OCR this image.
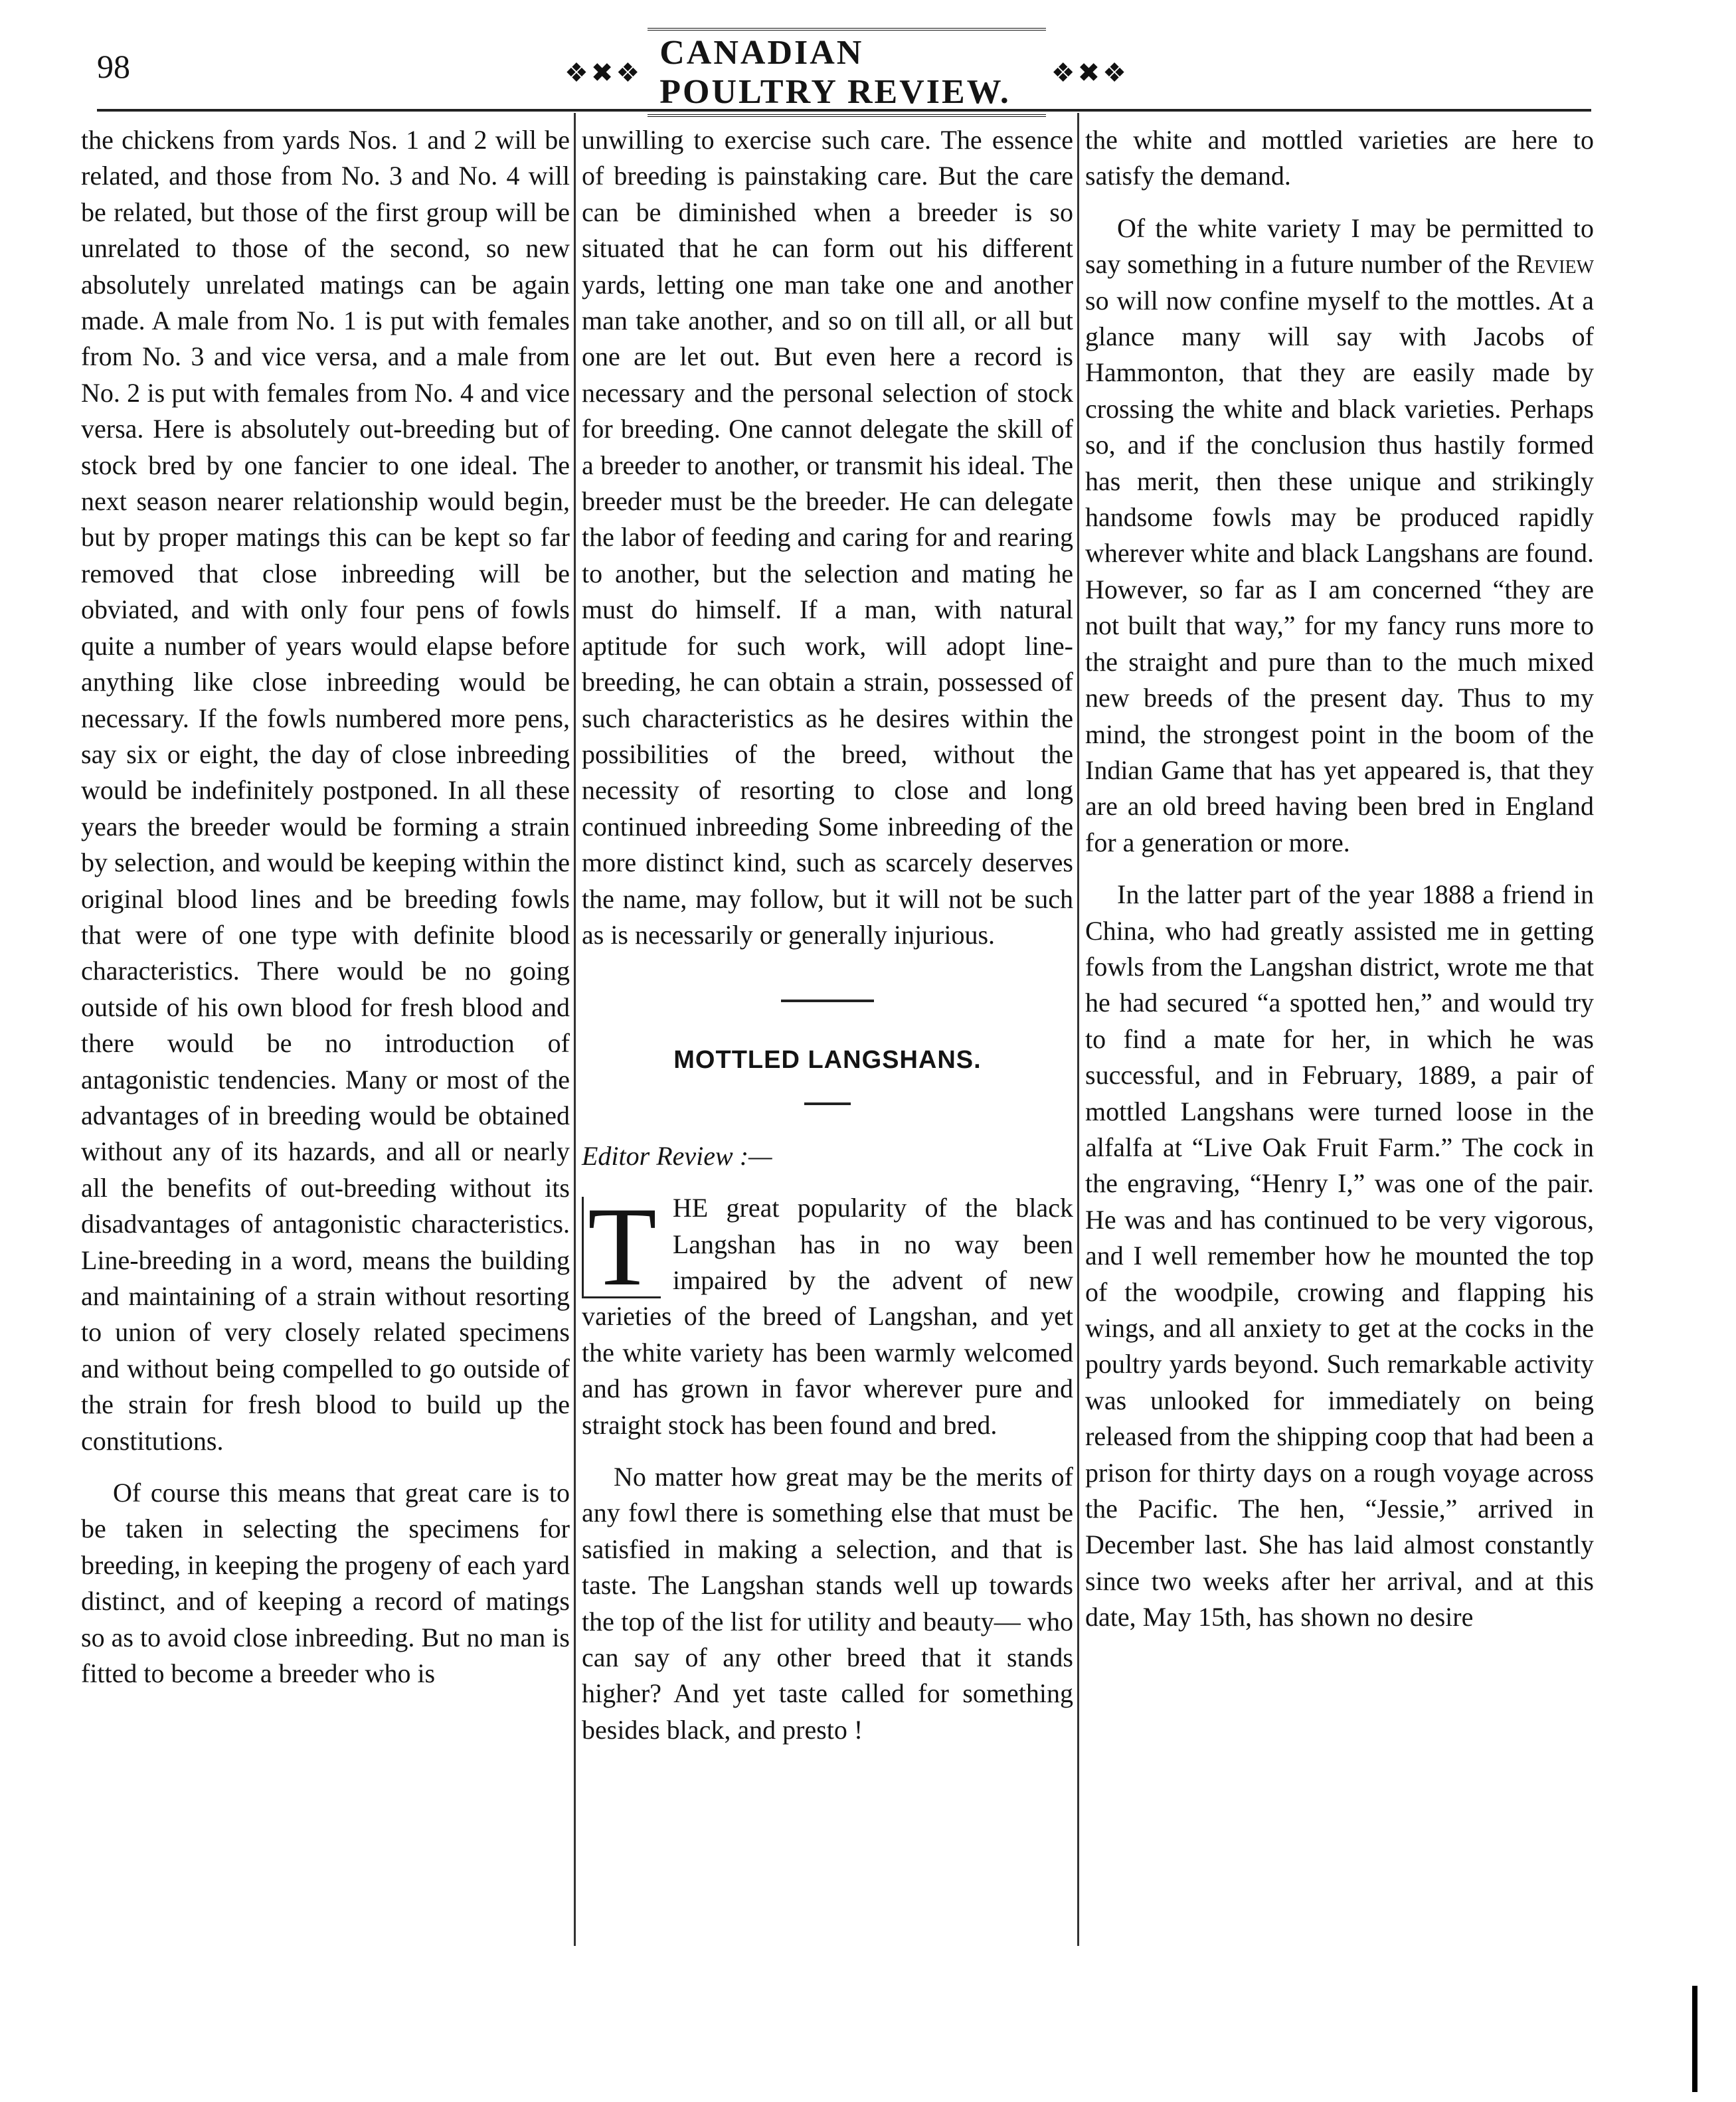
98	❖✖❖
CANADIAN POULTRY REVIEW.
❖✖❖

the chickens from yards Nos. 1 and 2 will be related, and those from No. 3 and No. 4 will be related, but those of the first group will be unrelated to those of the second, so new absolutely unrelated matings can be again made. A male from No. 1 is put with females from No. 3 and vice versa, and a male from No. 2 is put with females from No. 4 and vice versa. Here is absolutely out-breeding but of stock bred by one fancier to one ideal. The next season nearer relationship would begin, but by proper matings this can be kept so far removed that close inbreeding will be obviated, and with only four pens of fowls quite a number of years would elapse before anything like close inbreeding would be necessary. If the fowls numbered more pens, say six or eight, the day of close inbreeding would be indefinitely postponed. In all these years the breeder would be forming a strain by selection, and would be keeping within the original blood lines and be breeding fowls that were of one type with definite blood characteristics. There would be no going outside of his own blood for fresh blood and there would be no introduction of antagonistic tendencies. Many or most of the advantages of in breeding would be obtained without any of its hazards, and all or nearly all the benefits of out-breeding without its disadvantages of antagonistic characteristics. Line-breeding in a word, means the building and maintaining of a strain without resorting to union of very closely related specimens and without being compelled to go outside of the strain for fresh blood to build up the constitutions.

Of course this means that great care is to be taken in selecting the specimens for breeding, in keeping the progeny of each yard distinct, and of keeping a record of matings so as to avoid close inbreeding. But no man is fitted to become a breeder who is

unwilling to exercise such care. The essence of breeding is painstaking care. But the care can be diminished when a breeder is so situated that he can form out his different yards, letting one man take one and another man take another, and so on till all, or all but one are let out. But even here a record is necessary and the personal selection of stock for breeding. One cannot delegate the skill of a breeder to another, or transmit his ideal. The breeder must be the breeder. He can delegate the labor of feeding and caring for and rearing to another, but the selection and mating he must do himself. If a man, with natural aptitude for such work, will adopt line-breeding, he can obtain a strain, possessed of such characteristics as he desires within the possibilities of the breed, without the necessity of resorting to close and long continued inbreeding Some inbreeding of the more distinct kind, such as scarcely deserves the name, may follow, but it will not be such as is necessarily or generally injurious.

MOTTLED LANGSHANS.

Editor Review :—

T HE great popularity of the black Langshan has in no way been impaired by the advent of new varieties of the breed of Langshan, and yet the white variety has been warmly welcomed and has grown in favor wherever pure and straight stock has been found and bred.

No matter how great may be the merits of any fowl there is something else that must be satisfied in making a selection, and that is taste. The Langshan stands well up towards the top of the list for utility and beauty— who can say of any other breed that it stands higher? And yet taste called for something besides black, and presto !

the white and mottled varieties are here to satisfy the demand.

Of the white variety I may be permitted to say something in a future number of the Review so will now confine myself to the mottles. At a glance many will say with Jacobs of Hammonton, that they are easily made by crossing the white and black varieties. Perhaps so, and if the conclusion thus hastily formed has merit, then these unique and strikingly handsome fowls may be produced rapidly wherever white and black Langshans are found. However, so far as I am concerned “they are not built that way,” for my fancy runs more to the straight and pure than to the much mixed new breeds of the present day. Thus to my mind, the strongest point in the boom of the Indian Game that has yet appeared is, that they are an old breed having been bred in England for a generation or more.

In the latter part of the year 1888 a friend in China, who had greatly assisted me in getting fowls from the Langshan district, wrote me that he had secured “a spotted hen,” and would try to find a mate for her, in which he was successful, and in February, 1889, a pair of mottled Langshans were turned loose in the alfalfa at “Live Oak Fruit Farm.” The cock in the engraving, “Henry I,” was one of the pair. He was and has continued to be very vigorous, and I well remember how he mounted the top of the woodpile, crowing and flapping his wings, and all anxiety to get at the cocks in the poultry yards beyond. Such remarkable activity was unlooked for immediately on being released from the shipping coop that had been a prison for thirty days on a rough voyage across the Pacific. The hen, “Jessie,” arrived in December last. She has laid almost constantly since two weeks after her arrival, and at this date, May 15th, has shown no desire
